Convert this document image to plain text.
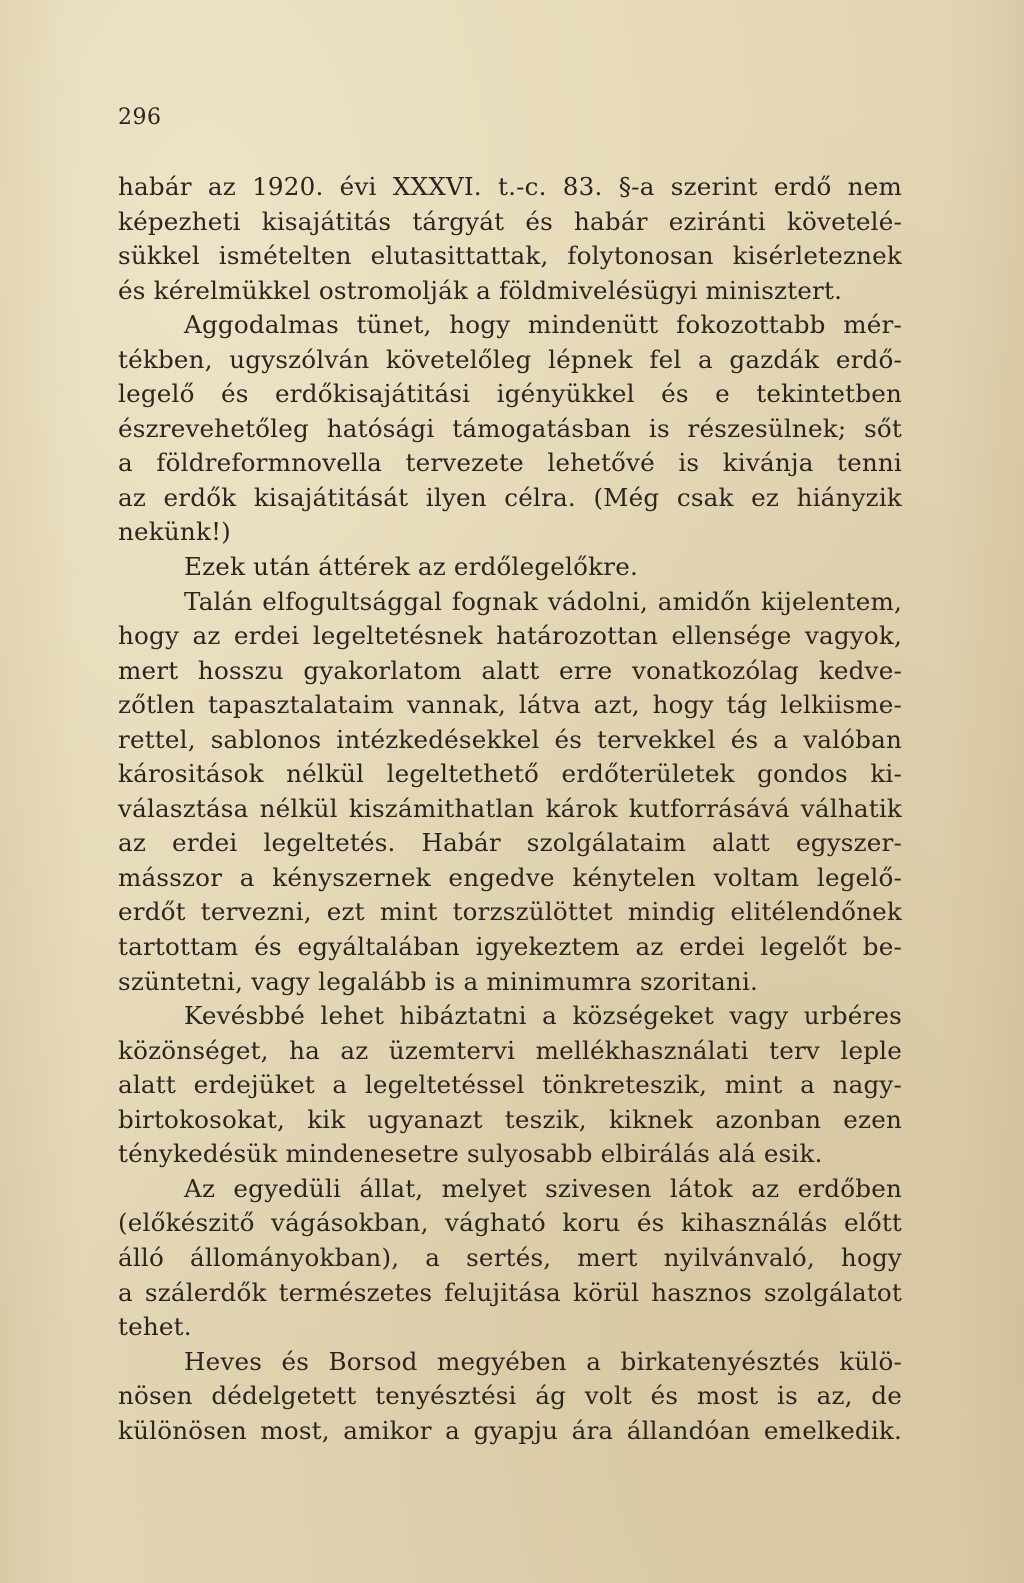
296
habár az 1920. évi XXXVI. t.-c. 83. §-a szerint erdő nem
képezheti kisajátitás tárgyát és habár eziránti követelé-
sükkel ismételten elutasittattak, folytonosan kisérleteznek
és kérelmükkel ostromolják a földmivelésügyi minisztert.
Aggodalmas tünet, hogy mindenütt fokozottabb mér-
tékben, ugyszólván követelőleg lépnek fel a gazdák erdő-
legelő és erdőkisajátitási igényükkel és e tekintetben
észrevehetőleg hatósági támogatásban is részesülnek; sőt
a földreformnovella tervezete lehetővé is kivánja tenni
az erdők kisajátitását ilyen célra. (Még csak ez hiányzik
nekünk!)
Ezek után áttérek az erdőlegelőkre.
Talán elfogultsággal fognak vádolni, amidőn kijelentem,
hogy az erdei legeltetésnek határozottan ellensége vagyok,
mert hosszu gyakorlatom alatt erre vonatkozólag kedve-
zőtlen tapasztalataim vannak, látva azt, hogy tág lelkiisme-
rettel, sablonos intézkedésekkel és tervekkel és a valóban
kárositások nélkül legeltethető erdőterületek gondos ki-
választása nélkül kiszámithatlan károk kutforrásává válhatik
az erdei legeltetés. Habár szolgálataim alatt egyszer-
másszor a kényszernek engedve kénytelen voltam legelő-
erdőt tervezni, ezt mint torzszülöttet mindig elitélendőnek
tartottam és egyáltalában igyekeztem az erdei legelőt be-
szüntetni, vagy legalább is a minimumra szoritani.
Kevésbbé lehet hibáztatni a községeket vagy urbéres
közönséget, ha az üzemtervi mellékhasználati terv leple
alatt erdejüket a legeltetéssel tönkreteszik, mint a nagy-
birtokosokat, kik ugyanazt teszik, kiknek azonban ezen
ténykedésük mindenesetre sulyosabb elbirálás alá esik.
Az egyedüli állat, melyet szivesen látok az erdőben
(előkészitő vágásokban, vágható koru és kihasználás előtt
álló állományokban), a sertés, mert nyilvánvaló, hogy
a szálerdők természetes felujitása körül hasznos szolgálatot
tehet.
Heves és Borsod megyében a birkatenyésztés külö-
nösen dédelgetett tenyésztési ág volt és most is az, de
különösen most, amikor a gyapju ára állandóan emelkedik.
